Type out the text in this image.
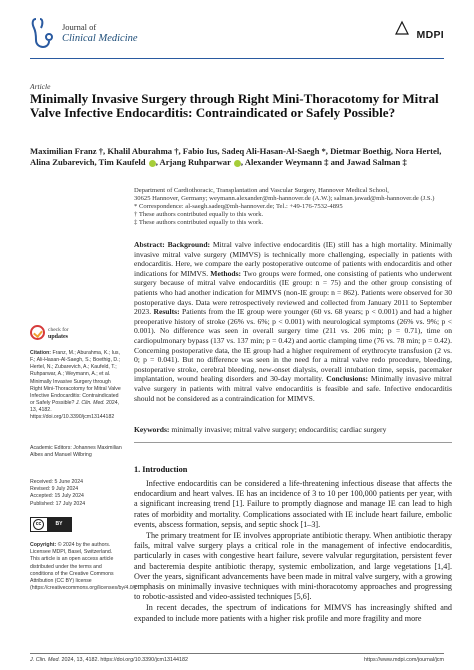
Journal of
Clinical Medicine	MDPI
Article
Minimally Invasive Surgery through Right Mini-Thoracotomy for Mitral Valve Infective Endocarditis: Contraindicated or Safely Possible?
Maximilian Franz †, Khalil Aburahma †, Fabio Ius, Sadeq Ali-Hasan-Al-Saegh *, Dietmar Boethig, Nora Hertel,
Alina Zubarevich, Tim Kaufeld , Arjang Ruhparwar , Alexander Weymann ‡ and Jawad Salman ‡
Department of Cardiothoracic, Transplantation and Vascular Surgery, Hannover Medical School,
30625 Hannover, Germany; weymann.alexander@mh-hannover.de (A.W.); salman.jawad@mh-hannover.de (J.S.)
* Correspondence: al-saegh.sadeq@mh-hannover.de; Tel.: +49-176-7532-4895
† These authors contributed equally to this work.
‡ These authors contributed equally to this work.
Abstract: Background: Mitral valve infective endocarditis (IE) still has a high mortality. Minimally invasive mitral valve surgery (MIMVS) is technically more challenging, especially in patients with endocarditis. Here, we compare the early postoperative outcome of patients with endocarditis and other indications for MIMVS. Methods: Two groups were formed, one consisting of patients who underwent surgery because of mitral valve endocarditis (IE group: n = 75) and the other group consisting of patients who had another indication for MIMVS (non-IE group: n = 862). Patients were observed for 30 postoperative days. Data were retrospectively reviewed and collected from January 2011 to September 2023. Results: Patients from the IE group were younger (60 vs. 68 years; p < 0.001) and had a higher preoperative history of stroke (26% vs. 6%; p < 0.001) with neurological symptoms (26% vs. 9%; p < 0.001). No difference was seen in overall surgery time (211 vs. 206 min; p = 0.71), time on cardiopulmonary bypass (137 vs. 137 min; p = 0.42) and aortic clamping time (76 vs. 78 min; p = 0.42). Concerning postoperative data, the IE group had a higher requirement of erythrocyte transfusion (2 vs. 0; p = 0.041). But no difference was seen in the need for a mitral valve redo procedure, bleeding, postoperative stroke, cerebral bleeding, new-onset dialysis, overall intubation time, sepsis, pacemaker implantation, wound healing disorders and 30-day mortality. Conclusions: Minimally invasive mitral valve surgery in patients with mitral valve endocarditis is feasible and safe. Infective endocarditis should not be considered as a contraindication for MIMVS.
Keywords: minimally invasive; mitral valve surgery; endocarditis; cardiac surgery
check for
updates
Citation: Franz, M.; Aburahma, K.; Ius, F.; Ali-Hasan-Al-Saegh, S.; Boethig, D.; Hertel, N.; Zubarevich, A.; Kaufeld, T.; Ruhparwar, A.; Weymann, A.; et al. Minimally Invasive Surgery through Right Mini-Thoracotomy for Mitral Valve Infective Endocarditis: Contraindicated or Safely Possible? J. Clin. Med. 2024, 13, 4182. https://doi.org/10.3390/jcm13144182
Academic Editors: Johannes Maximilian Albes and Manuel Wilbring
Received: 5 June 2024
Revised: 9 July 2024
Accepted: 15 July 2024
Published: 17 July 2024
cc	BY
Copyright: © 2024 by the authors. Licensee MDPI, Basel, Switzerland. This article is an open access article distributed under the terms and conditions of the Creative Commons Attribution (CC BY) license (https://creativecommons.org/licenses/by/4.0/).
1. Introduction

Infective endocarditis can be considered a life-threatening infectious disease that affects the endocardium and heart valves. IE has an incidence of 3 to 10 per 100,000 patients per year, with a significant increasing trend [1]. Failure to promptly diagnose and manage IE can lead to high rates of morbidity and mortality. Complications associated with IE include heart failure, embolic events, abscess formation, sepsis, and septic shock [1–3].

The primary treatment for IE involves appropriate antibiotic therapy. When antibiotic therapy fails, mitral valve surgery plays a critical role in the management of infective endocarditis, particularly in cases with congestive heart failure, severe valvular regurgitation, persistent fever and bacteremia despite antibiotic therapy, systemic embolization, and large vegetations [1,4]. Over the years, significant advancements have been made in mitral valve surgery, with a growing emphasis on minimally invasive techniques with mini-thoracotomy approaches and progressing to robotic-assisted and video-assisted techniques [5,6].

In recent decades, the spectrum of indications for MIMVS has increasingly shifted and expanded to include more patients with a higher risk profile and more fragility and more

J. Clin. Med. 2024, 13, 4182. https://doi.org/10.3390/jcm13144182	https://www.mdpi.com/journal/jcm
